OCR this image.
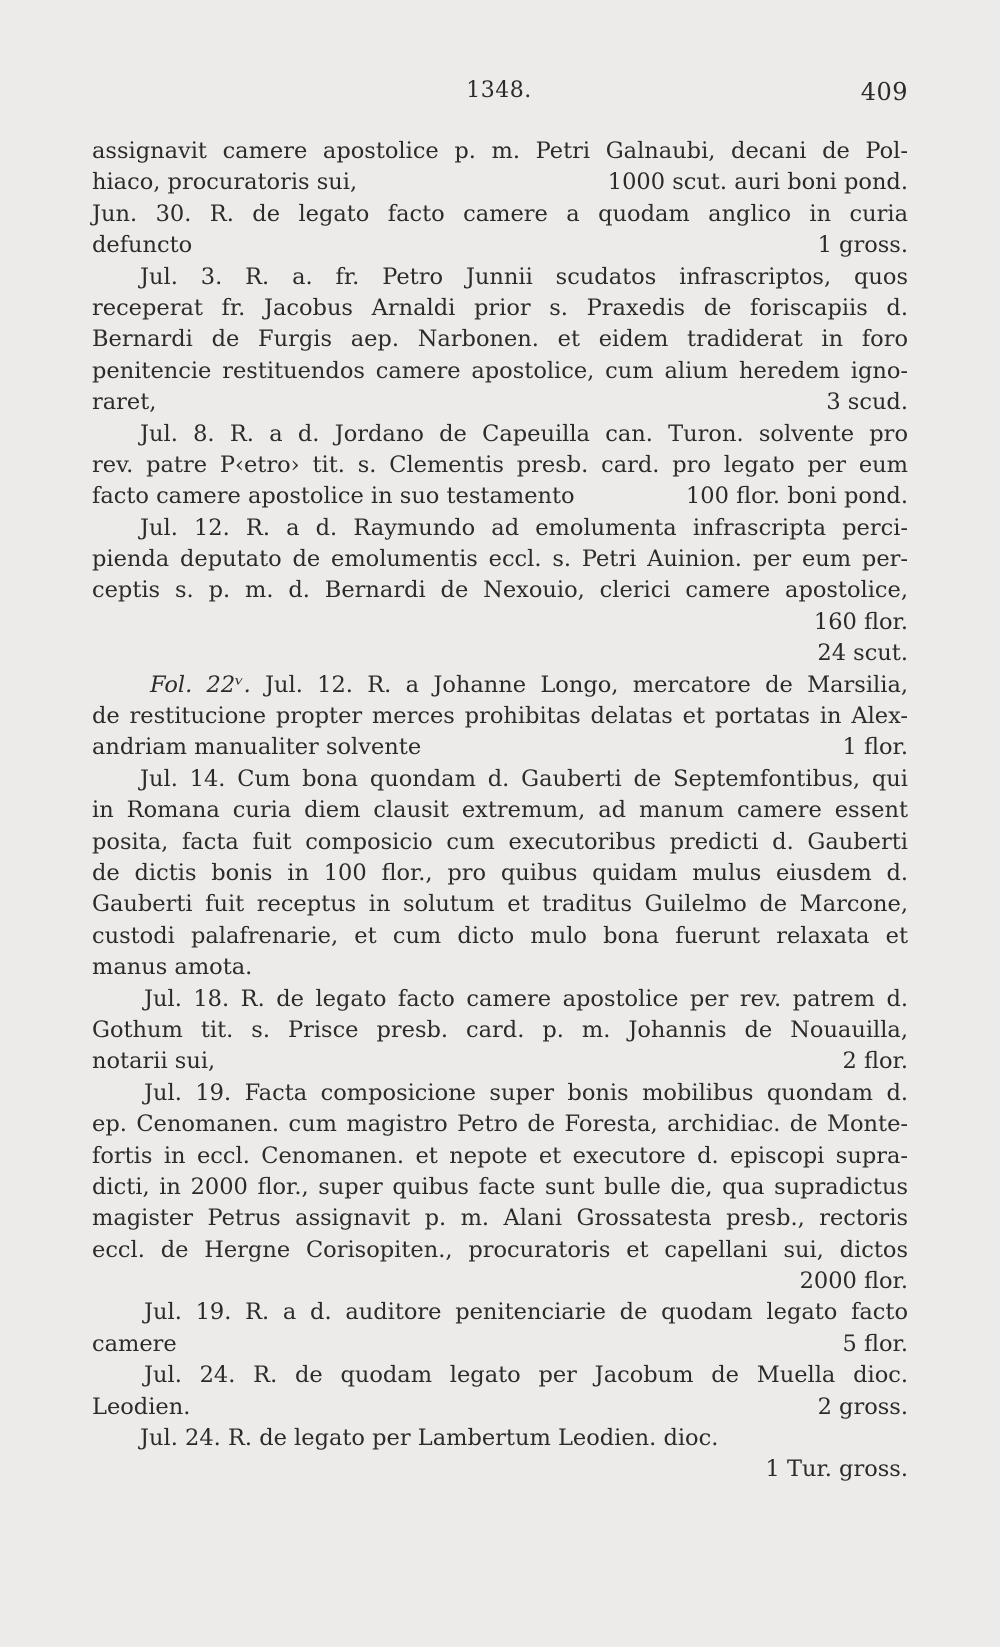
1348.	409
assignavit camere apostolice p. m. Petri Galnaubi, decani de Pol-
hiaco, procuratoris sui,	1000 scut. auri boni pond.
Jun. 30. R. de legato facto camere a quodam anglico in curia
defuncto	1 gross.
Jul. 3. R. a. fr. Petro Junnii scudatos infrascriptos, quos
receperat fr. Jacobus Arnaldi prior s. Praxedis de foriscapiis d.
Bernardi de Furgis aep. Narbonen. et eidem tradiderat in foro
penitencie restituendos camere apostolice, cum alium heredem igno-
raret,	3 scud.
Jul. 8. R. a d. Jordano de Capeuilla can. Turon. solvente pro
rev. patre P‹etro› tit. s. Clementis presb. card. pro legato per eum
facto camere apostolice in suo testamento	100 flor. boni pond.
Jul. 12. R. a d. Raymundo ad emolumenta infrascripta perci-
pienda deputato de emolumentis eccl. s. Petri Auinion. per eum per-
ceptis s. p. m. d. Bernardi de Nexouio, clerici camere apostolice,
160 flor.
24 scut.
Fol. 22ᵛ. Jul. 12. R. a Johanne Longo, mercatore de Marsilia,
de restitucione propter merces prohibitas delatas et portatas in Alex-
andriam manualiter solvente	1 flor.
Jul. 14. Cum bona quondam d. Gauberti de Septemfontibus, qui
in Romana curia diem clausit extremum, ad manum camere essent
posita, facta fuit composicio cum executoribus predicti d. Gauberti
de dictis bonis in 100 flor., pro quibus quidam mulus eiusdem d.
Gauberti fuit receptus in solutum et traditus Guilelmo de Marcone,
custodi palafrenarie, et cum dicto mulo bona fuerunt relaxata et
manus amota.
Jul. 18. R. de legato facto camere apostolice per rev. patrem d.
Gothum tit. s. Prisce presb. card. p. m. Johannis de Nouauilla,
notarii sui,	2 flor.
Jul. 19. Facta composicione super bonis mobilibus quondam d.
ep. Cenomanen. cum magistro Petro de Foresta, archidiac. de Monte-
fortis in eccl. Cenomanen. et nepote et executore d. episcopi supra-
dicti, in 2000 flor., super quibus facte sunt bulle die, qua supradictus
magister Petrus assignavit p. m. Alani Grossatesta presb., rectoris
eccl. de Hergne Corisopiten., procuratoris et capellani sui, dictos
2000 flor.
Jul. 19. R. a d. auditore penitenciarie de quodam legato facto
camere	5 flor.
Jul. 24. R. de quodam legato per Jacobum de Muella dioc.
Leodien.	2 gross.
Jul. 24. R. de legato per Lambertum Leodien. dioc.
1 Tur. gross.
